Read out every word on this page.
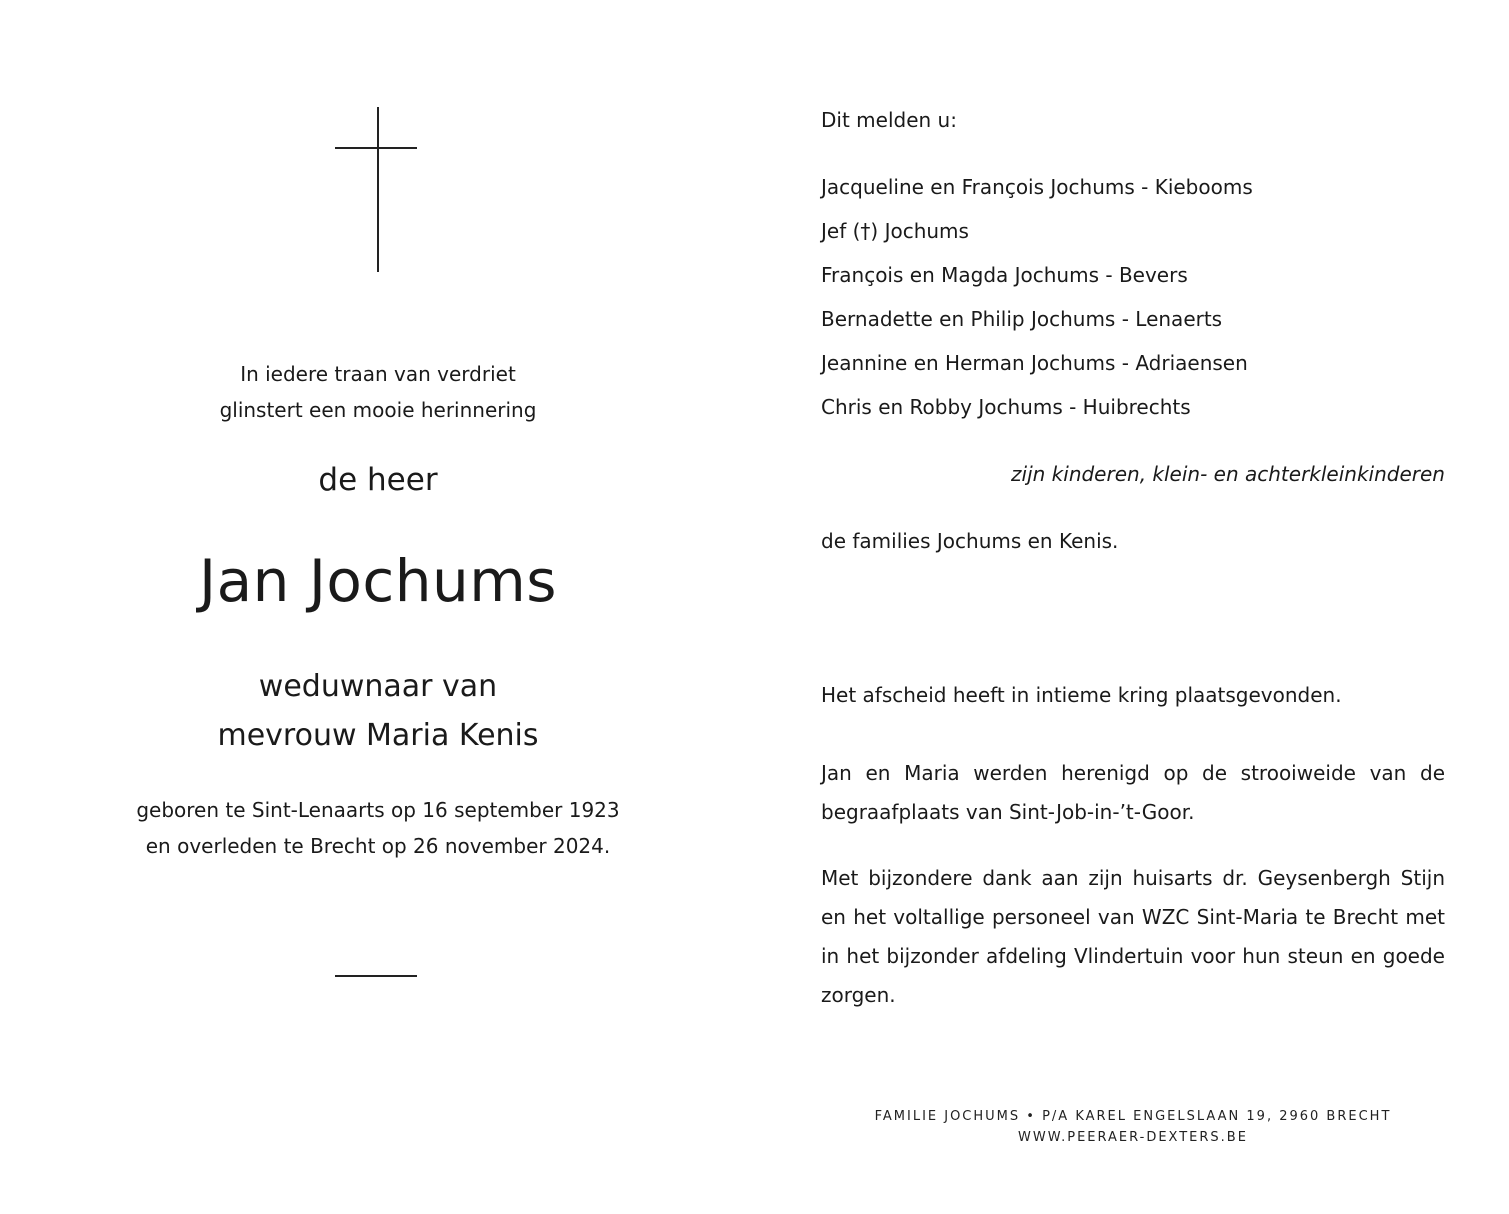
In iedere traan van verdriet
glinstert een mooie herinnering
de heer
Jan Jochums
weduwnaar van
mevrouw Maria Kenis
geboren te Sint-Lenaarts op 16 september 1923
en overleden te Brecht op 26 november 2024.
Dit melden u:
Jacqueline en François Jochums - Kiebooms
Jef (†) Jochums
François en Magda Jochums - Bevers
Bernadette en Philip Jochums - Lenaerts
Jeannine en Herman Jochums - Adriaensen
Chris en Robby Jochums - Huibrechts
zijn kinderen, klein- en achterkleinkinderen
de families Jochums en Kenis.
Het afscheid heeft in intieme kring plaatsgevonden.
Jan en Maria werden herenigd op de strooiweide van de begraafplaats van Sint-Job-in-’t-Goor.
Met bijzondere dank aan zijn huisarts dr. Geysenbergh Stijn en het voltallige personeel van WZC Sint-Maria te Brecht met in het bijzonder afdeling Vlindertuin voor hun steun en goede zorgen.
FAMILIE JOCHUMS • P/A KAREL ENGELSLAAN 19, 2960 BRECHT
WWW.PEERAER-DEXTERS.BE
